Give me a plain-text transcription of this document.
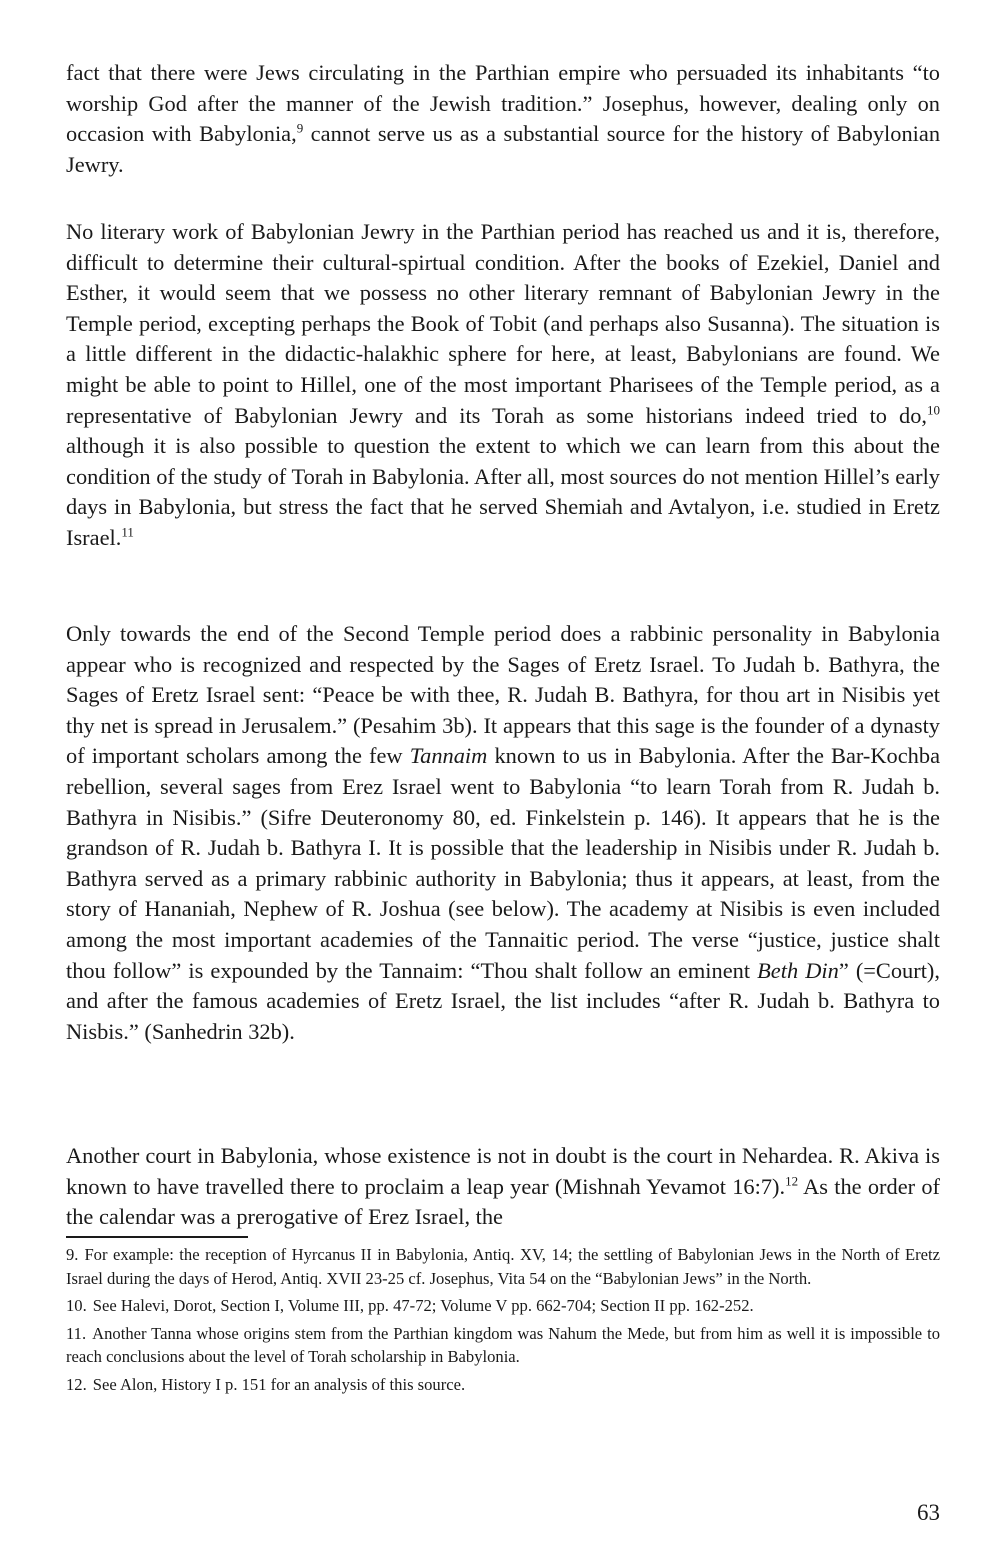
fact that there were Jews circulating in the Parthian empire who persuaded its inhabitants “to worship God after the manner of the Jewish tradition.” Josephus, however, dealing only on occasion with Babylonia,$^9$ cannot serve us as a substantial source for the history of Babylonian Jewry.

No literary work of Babylonian Jewry in the Parthian period has reached us and it is, therefore, difficult to determine their cultural-spirtual condition. After the books of Ezekiel, Daniel and Esther, it would seem that we possess no other literary remnant of Babylonian Jewry in the Temple period, excepting perhaps the Book of Tobit (and perhaps also Susanna). The situation is a little different in the didactic-halakhic sphere for here, at least, Babylonians are found. We might be able to point to Hillel, one of the most important Pharisees of the Temple period, as a representative of Babylonian Jewry and its Torah as some historians indeed tried to do,$^{10}$ although it is also possible to question the extent to which we can learn from this about the condition of the study of Torah in Babylonia. After all, most sources do not mention Hillel’s early days in Babylonia, but stress the fact that he served Shemiah and Avtalyon, i.e. studied in Eretz Israel.$^{11}$

Only towards the end of the Second Temple period does a rabbinic personality in Babylonia appear who is recognized and respected by the Sages of Eretz Israel. To Judah b. Bathyra, the Sages of Eretz Israel sent: “Peace be with thee, R. Judah B. Bathyra, for thou art in Nisibis yet thy net is spread in Jerusalem.” (Pesahim 3b). It appears that this sage is the founder of a dynasty of important scholars among the few Tannaim known to us in Babylonia. After the Bar-Kochba rebellion, several sages from Erez Israel went to Babylonia “to learn Torah from R. Judah b. Bathyra in Nisibis.” (Sifre Deuteronomy 80, ed. Finkelstein p. 146). It appears that he is the grandson of R. Judah b. Bathyra I. It is possible that the leadership in Nisibis under R. Judah b. Bathyra served as a primary rabbinic authority in Babylonia; thus it appears, at least, from the story of Hananiah, Nephew of R. Joshua (see below). The academy at Nisibis is even included among the most important academies of the Tannaitic period. The verse “justice, justice shalt thou follow” is expounded by the Tannaim: “Thou shalt follow an eminent Beth Din” (=Court), and after the famous academies of Eretz Israel, the list includes “after R. Judah b. Bathyra to Nisbis.” (Sanhedrin 32b).

Another court in Babylonia, whose existence is not in doubt is the court in Nehardea. R. Akiva is known to have travelled there to proclaim a leap year (Mishnah Yevamot 16:7).$^{12}$ As the order of the calendar was a prerogative of Erez Israel, the

9. For example: the reception of Hyrcanus II in Babylonia, Antiq. XV, 14; the settling of Babylonian Jews in the North of Eretz Israel during the days of Herod, Antiq. XVII 23-25 cf. Josephus, Vita 54 on the “Babylonian Jews” in the North.

10. See Halevi, Dorot, Section I, Volume III, pp. 47-72; Volume V pp. 662-704; Section II pp. 162-252.

11. Another Tanna whose origins stem from the Parthian kingdom was Nahum the Mede, but from him as well it is impossible to reach conclusions about the level of Torah scholarship in Babylonia.

12. See Alon, History I p. 151 for an analysis of this source.

63
